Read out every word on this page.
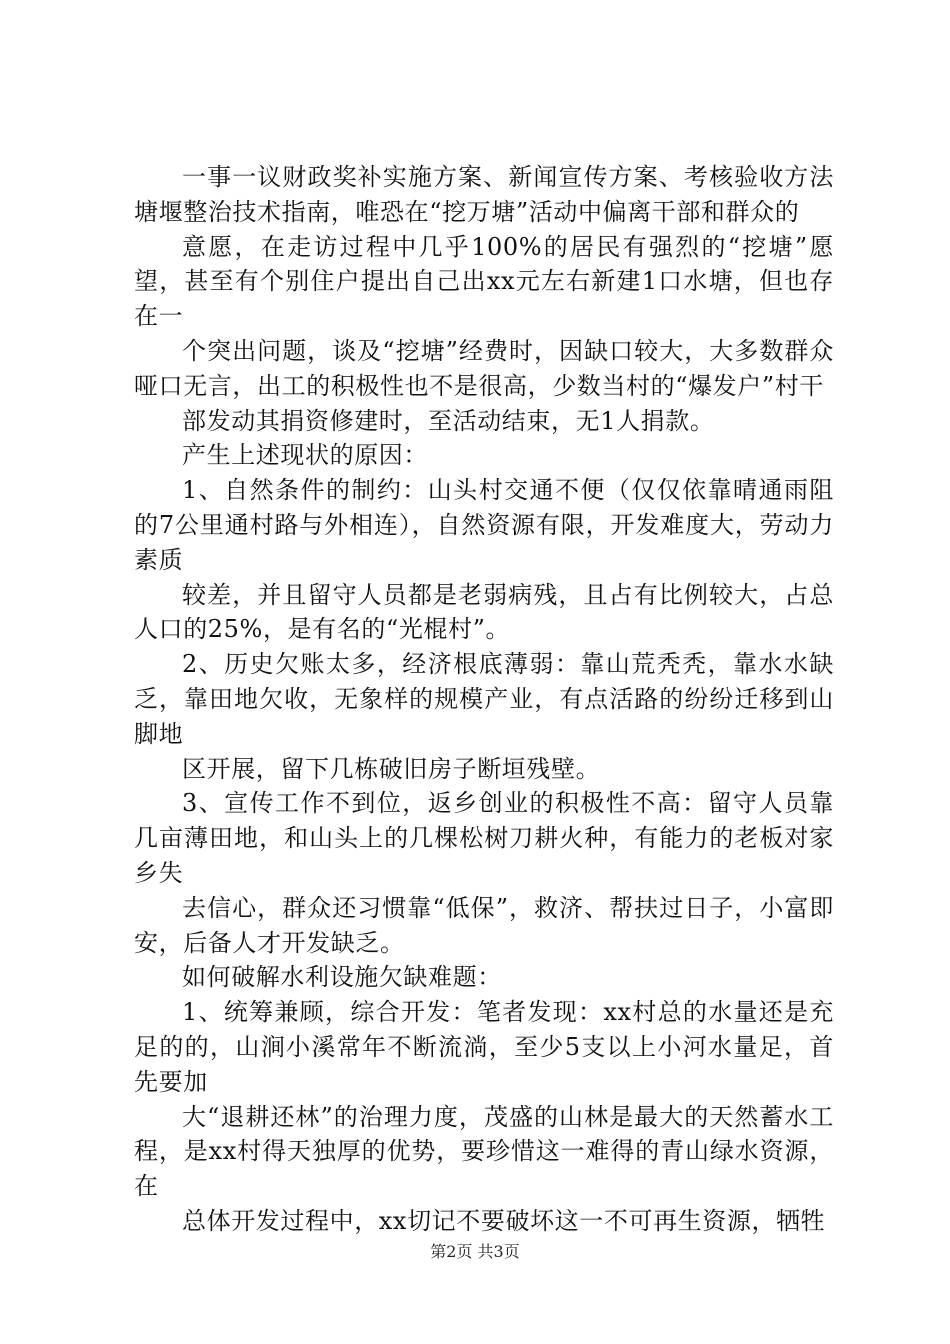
一事一议财政奖补实施方案、新闻宣传方案、考核验收方法塘堰整治技术指南，唯恐在“挖万塘”活动中偏离干部和群众的

意愿，在走访过程中几乎100%的居民有强烈的“挖塘”愿望，甚至有个别住户提出自己出xx元左右新建1口水塘，但也存在一

个突出问题，谈及“挖塘”经费时，因缺口较大，大多数群众哑口无言，出工的积极性也不是很高，少数当村的“爆发户”村干

部发动其捐资修建时，至活动结束，无1人捐款。

产生上述现状的原因：

1、自然条件的制约：山头村交通不便（仅仅依靠晴通雨阻的7公里通村路与外相连），自然资源有限，开发难度大，劳动力素质

较差，并且留守人员都是老弱病残，且占有比例较大，占总人口的25%，是有名的“光棍村”。

2、历史欠账太多，经济根底薄弱：靠山荒秃秃，靠水水缺乏，靠田地欠收，无象样的规模产业，有点活路的纷纷迁移到山脚地

区开展，留下几栋破旧房子断垣残壁。

3、宣传工作不到位，返乡创业的积极性不高：留守人员靠几亩薄田地，和山头上的几棵松树刀耕火种，有能力的老板对家乡失

去信心，群众还习惯靠“低保”，救济、帮扶过日子，小富即安，后备人才开发缺乏。

如何破解水利设施欠缺难题：

1、统筹兼顾，综合开发：笔者发现：xx村总的水量还是充足的的，山涧小溪常年不断流淌，至少5支以上小河水量足，首先要加

大“退耕还林”的治理力度，茂盛的山林是最大的天然蓄水工程，是xx村得天独厚的优势，要珍惜这一难得的青山绿水资源，在

总体开发过程中，xx切记不要破坏这一不可再生资源，牺牲

第2页 共3页
